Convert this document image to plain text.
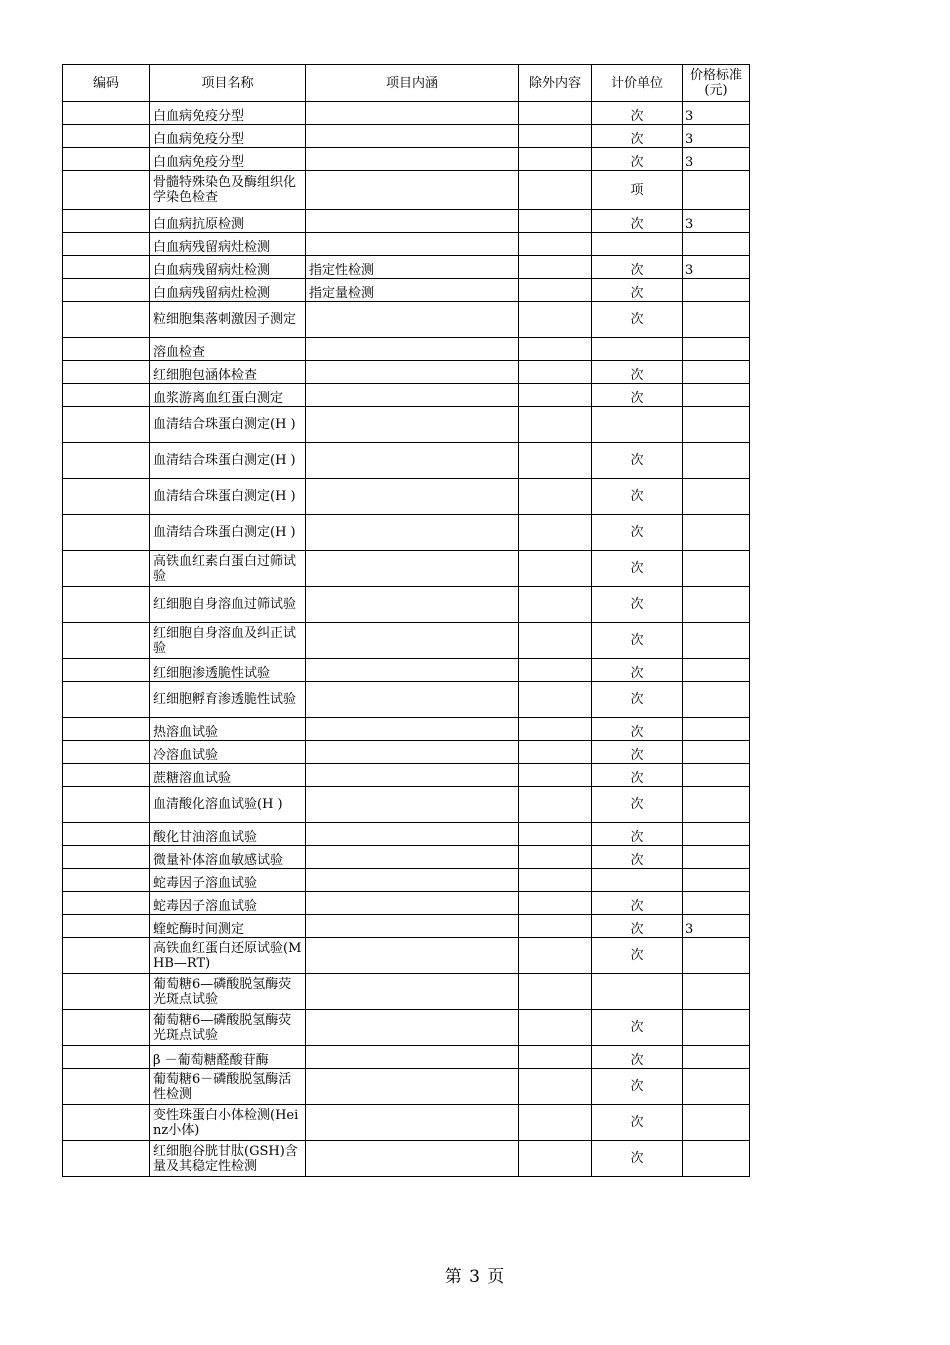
编码	项目名称	项目内涵	除外内容	计价单位	价格标准(元)
	白血病免疫分型			次	3
	白血病免疫分型			次	3
	白血病免疫分型			次	3
	骨髓特殊染色及酶组织化学染色检查			项	
	白血病抗原检测			次	3
	白血病残留病灶检测				
	白血病残留病灶检测	指定性检测		次	3
	白血病残留病灶检测	指定量检测		次	
	粒细胞集落刺激因子测定			次	
	溶血检查				
	红细胞包涵体检查			次	
	血浆游离血红蛋白测定			次	
	血清结合珠蛋白测定(H )				
	血清结合珠蛋白测定(H )			次	
	血清结合珠蛋白测定(H )			次	
	血清结合珠蛋白测定(H )			次	
	高铁血红素白蛋白过筛试验			次	
	红细胞自身溶血过筛试验			次	
	红细胞自身溶血及纠正试验			次	
	红细胞渗透脆性试验			次	
	红细胞孵育渗透脆性试验			次	
	热溶血试验			次	
	冷溶血试验			次	
	蔗糖溶血试验			次	
	血清酸化溶血试验(H )			次	
	酸化甘油溶血试验			次	
	微量补体溶血敏感试验			次	
	蛇毒因子溶血试验				
	蛇毒因子溶血试验			次	
	蝰蛇酶时间测定			次	3
	高铁血红蛋白还原试验(MHB—RT)			次	
	葡萄糖6—磷酸脱氢酶荧光斑点试验				
	葡萄糖6—磷酸脱氢酶荧光斑点试验			次	
	β －葡萄糖醛酸苷酶			次	
	葡萄糖6－磷酸脱氢酶活性检测			次	
	变性珠蛋白小体检测(Heinz小体)			次	
	红细胞谷胱甘肽(GSH)含量及其稳定性检测			次	
第 3 页
